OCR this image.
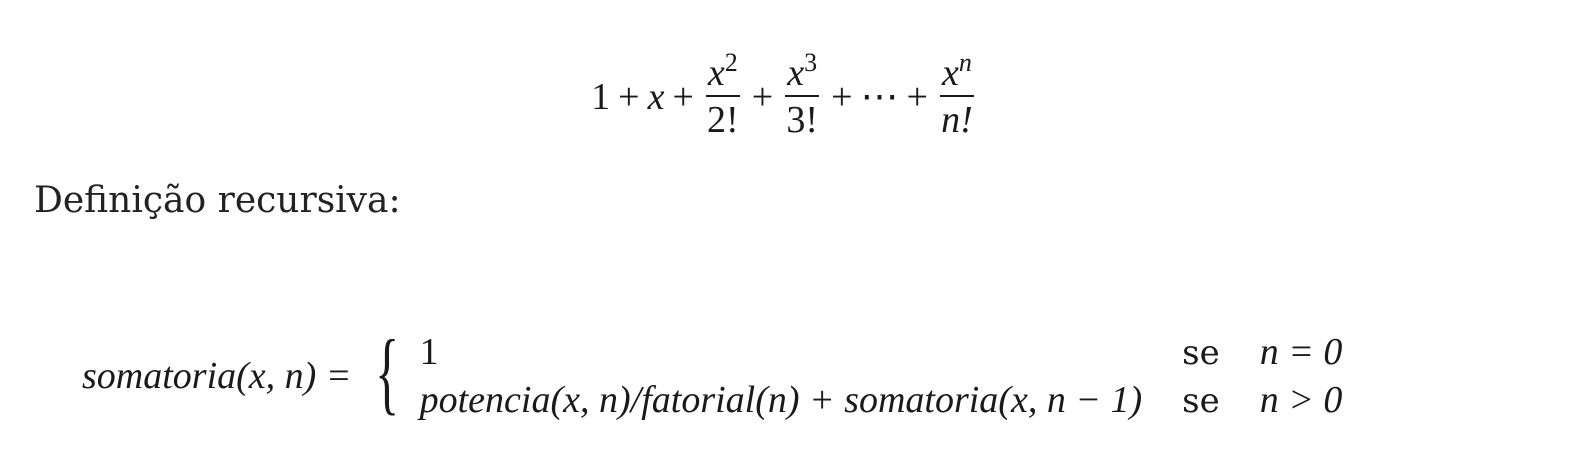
$1 + x + \frac{x^2}{2!} + \frac{x^3}{3!}$ + ⋯ + $\frac{x^n}{n!}$
Definição recursiva:
somatoria(x, n) = { 1	se n = 0
potencia(x, n)/fatorial(n) + somatoria(x, n − 1) se n > 0
